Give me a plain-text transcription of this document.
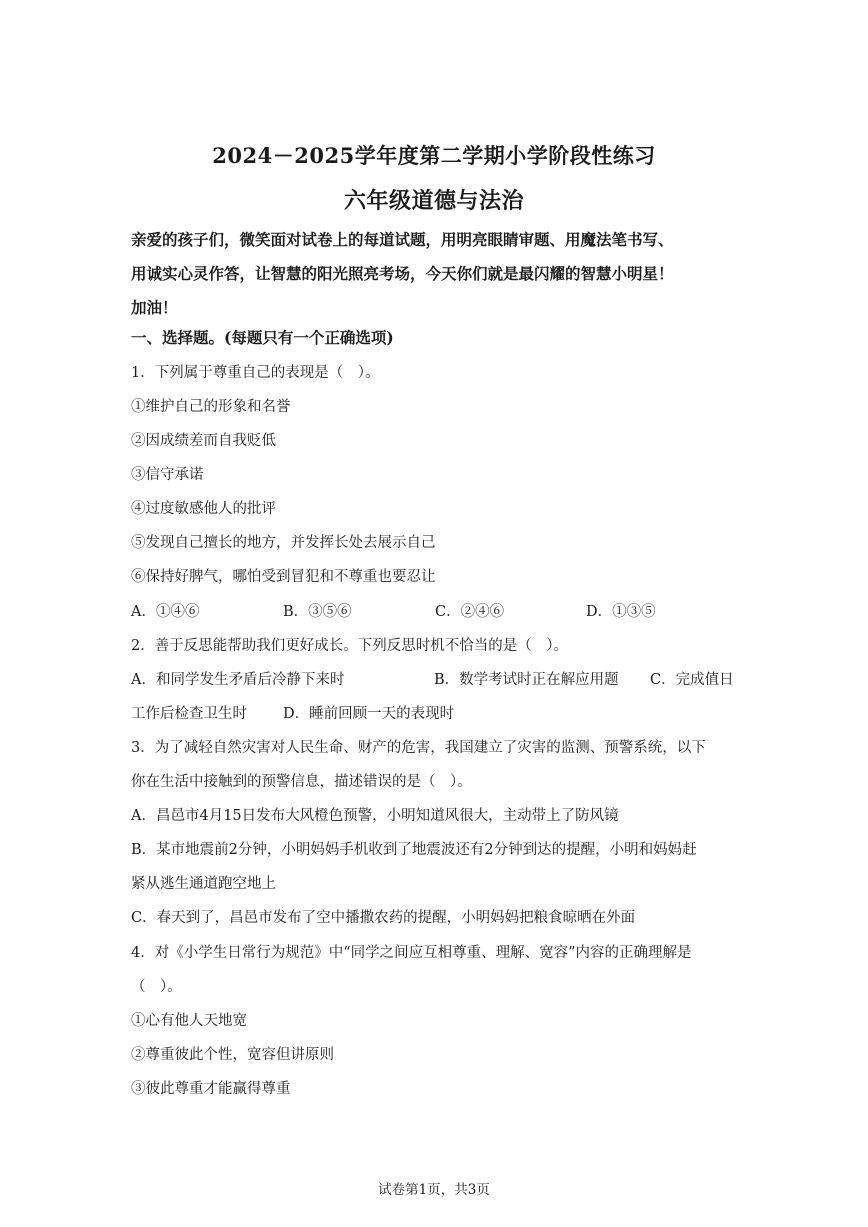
2024－2025学年度第二学期小学阶段性练习
六年级道德与法治
亲爱的孩子们，微笑面对试卷上的每道试题，用明亮眼睛审题、用魔法笔书写、
用诚实心灵作答，让智慧的阳光照亮考场，今天你们就是最闪耀的智慧小明星！
加油！
一、选择题。(每题只有一个正确选项)
1．下列属于尊重自己的表现是（　）。
①维护自己的形象和名誉
②因成绩差而自我贬低
③信守承诺
④过度敏感他人的批评
⑤发现自己擅长的地方，并发挥长处去展示自己
⑥保持好脾气，哪怕受到冒犯和不尊重也要忍让
A．①④⑥	B．③⑤⑥	C．②④⑥	D．①③⑤
2．善于反思能帮助我们更好成长。下列反思时机不恰当的是（　）。
A．和同学发生矛盾后冷静下来时	B．数学考试时正在解应用题 C．完成值日
工作后检查卫生时 D．睡前回顾一天的表现时
3．为了减轻自然灾害对人民生命、财产的危害，我国建立了灾害的监测、预警系统，以下
你在生活中接触到的预警信息，描述错误的是（　）。
A．昌邑市4月15日发布大风橙色预警，小明知道风很大，主动带上了防风镜
B．某市地震前2分钟，小明妈妈手机收到了地震波还有2分钟到达的提醒，小明和妈妈赶
紧从逃生通道跑空地上
C．春天到了，昌邑市发布了空中播撒农药的提醒，小明妈妈把粮食晾晒在外面
4．对《小学生日常行为规范》中“同学之间应互相尊重、理解、宽容”内容的正确理解是
（　）。
①心有他人天地宽
②尊重彼此个性，宽容但讲原则
③彼此尊重才能赢得尊重
试卷第1页，共3页
